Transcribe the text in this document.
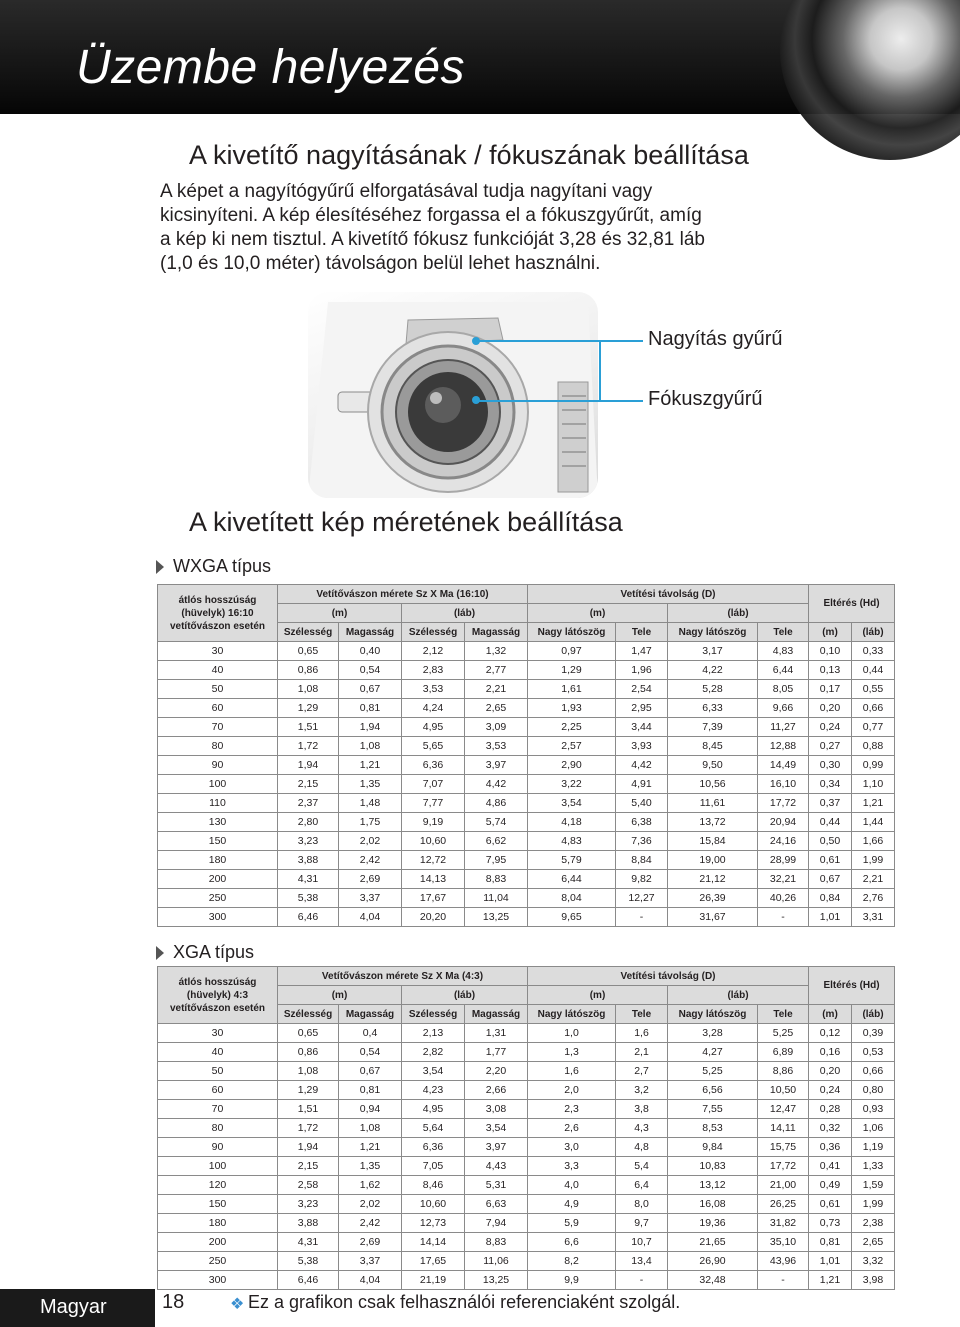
Üzembe helyezés
A kivetítő nagyításának / fókuszának beállítása
A képet a nagyítógyűrű elforgatásával tudja nagyítani vagy
kicsinyíteni. A kép élesítéséhez forgassa el a fókuszgyűrűt, amíg
a kép ki nem tisztul. A kivetítő fókusz funkcióját 3,28 és 32,81 láb
(1,0 és 10,0 méter) távolságon belül lehet használni.
Nagyítás gyűrű
Fókuszgyűrű
A kivetített kép méretének beállítása
WXGA típus
átlós hosszúság (hüvelyk) 16:10 vetítővászon esetén	Vetítővászon mérete Sz X Ma (16:10)				Vetítési távolság (D)				Eltérés (Hd)	
	(m)		(láb)		(m)		(láb)			
	Szélesség	Magasság	Szélesség	Magasság	Nagy látószög	Tele	Nagy látószög	Tele	(m)	(láb)
30	0,65	0,40	2,12	1,32	0,97	1,47	3,17	4,83	0,10	0,33
40	0,86	0,54	2,83	2,77	1,29	1,96	4,22	6,44	0,13	0,44
50	1,08	0,67	3,53	2,21	1,61	2,54	5,28	8,05	0,17	0,55
60	1,29	0,81	4,24	2,65	1,93	2,95	6,33	9,66	0,20	0,66
70	1,51	1,94	4,95	3,09	2,25	3,44	7,39	11,27	0,24	0,77
80	1,72	1,08	5,65	3,53	2,57	3,93	8,45	12,88	0,27	0,88
90	1,94	1,21	6,36	3,97	2,90	4,42	9,50	14,49	0,30	0,99
100	2,15	1,35	7,07	4,42	3,22	4,91	10,56	16,10	0,34	1,10
110	2,37	1,48	7,77	4,86	3,54	5,40	11,61	17,72	0,37	1,21
130	2,80	1,75	9,19	5,74	4,18	6,38	13,72	20,94	0,44	1,44
150	3,23	2,02	10,60	6,62	4,83	7,36	15,84	24,16	0,50	1,66
180	3,88	2,42	12,72	7,95	5,79	8,84	19,00	28,99	0,61	1,99
200	4,31	2,69	14,13	8,83	6,44	9,82	21,12	32,21	0,67	2,21
250	5,38	3,37	17,67	11,04	8,04	12,27	26,39	40,26	0,84	2,76
300	6,46	4,04	20,20	13,25	9,65	-	31,67	-	1,01	3,31
XGA típus
átlós hosszúság (hüvelyk) 4:3 vetítővászon esetén	Vetítővászon mérete Sz X Ma (4:3)				Vetítési távolság (D)				Eltérés (Hd)	
	(m)		(láb)		(m)		(láb)			
	Szélesség	Magasság	Szélesség	Magasság	Nagy látószög	Tele	Nagy látószög	Tele	(m)	(láb)
30	0,65	0,4	2,13	1,31	1,0	1,6	3,28	5,25	0,12	0,39
40	0,86	0,54	2,82	1,77	1,3	2,1	4,27	6,89	0,16	0,53
50	1,08	0,67	3,54	2,20	1,6	2,7	5,25	8,86	0,20	0,66
60	1,29	0,81	4,23	2,66	2,0	3,2	6,56	10,50	0,24	0,80
70	1,51	0,94	4,95	3,08	2,3	3,8	7,55	12,47	0,28	0,93
80	1,72	1,08	5,64	3,54	2,6	4,3	8,53	14,11	0,32	1,06
90	1,94	1,21	6,36	3,97	3,0	4,8	9,84	15,75	0,36	1,19
100	2,15	1,35	7,05	4,43	3,3	5,4	10,83	17,72	0,41	1,33
120	2,58	1,62	8,46	5,31	4,0	6,4	13,12	21,00	0,49	1,59
150	3,23	2,02	10,60	6,63	4,9	8,0	16,08	26,25	0,61	1,99
180	3,88	2,42	12,73	7,94	5,9	9,7	19,36	31,82	0,73	2,38
200	4,31	2,69	14,14	8,83	6,6	10,7	21,65	35,10	0,81	2,65
250	5,38	3,37	17,65	11,06	8,2	13,4	26,90	43,96	1,01	3,32
300	6,46	4,04	21,19	13,25	9,9	-	32,48	-	1,21	3,98
Magyar	18	❖ Ez a grafikon csak felhasználói referenciaként szolgál.
